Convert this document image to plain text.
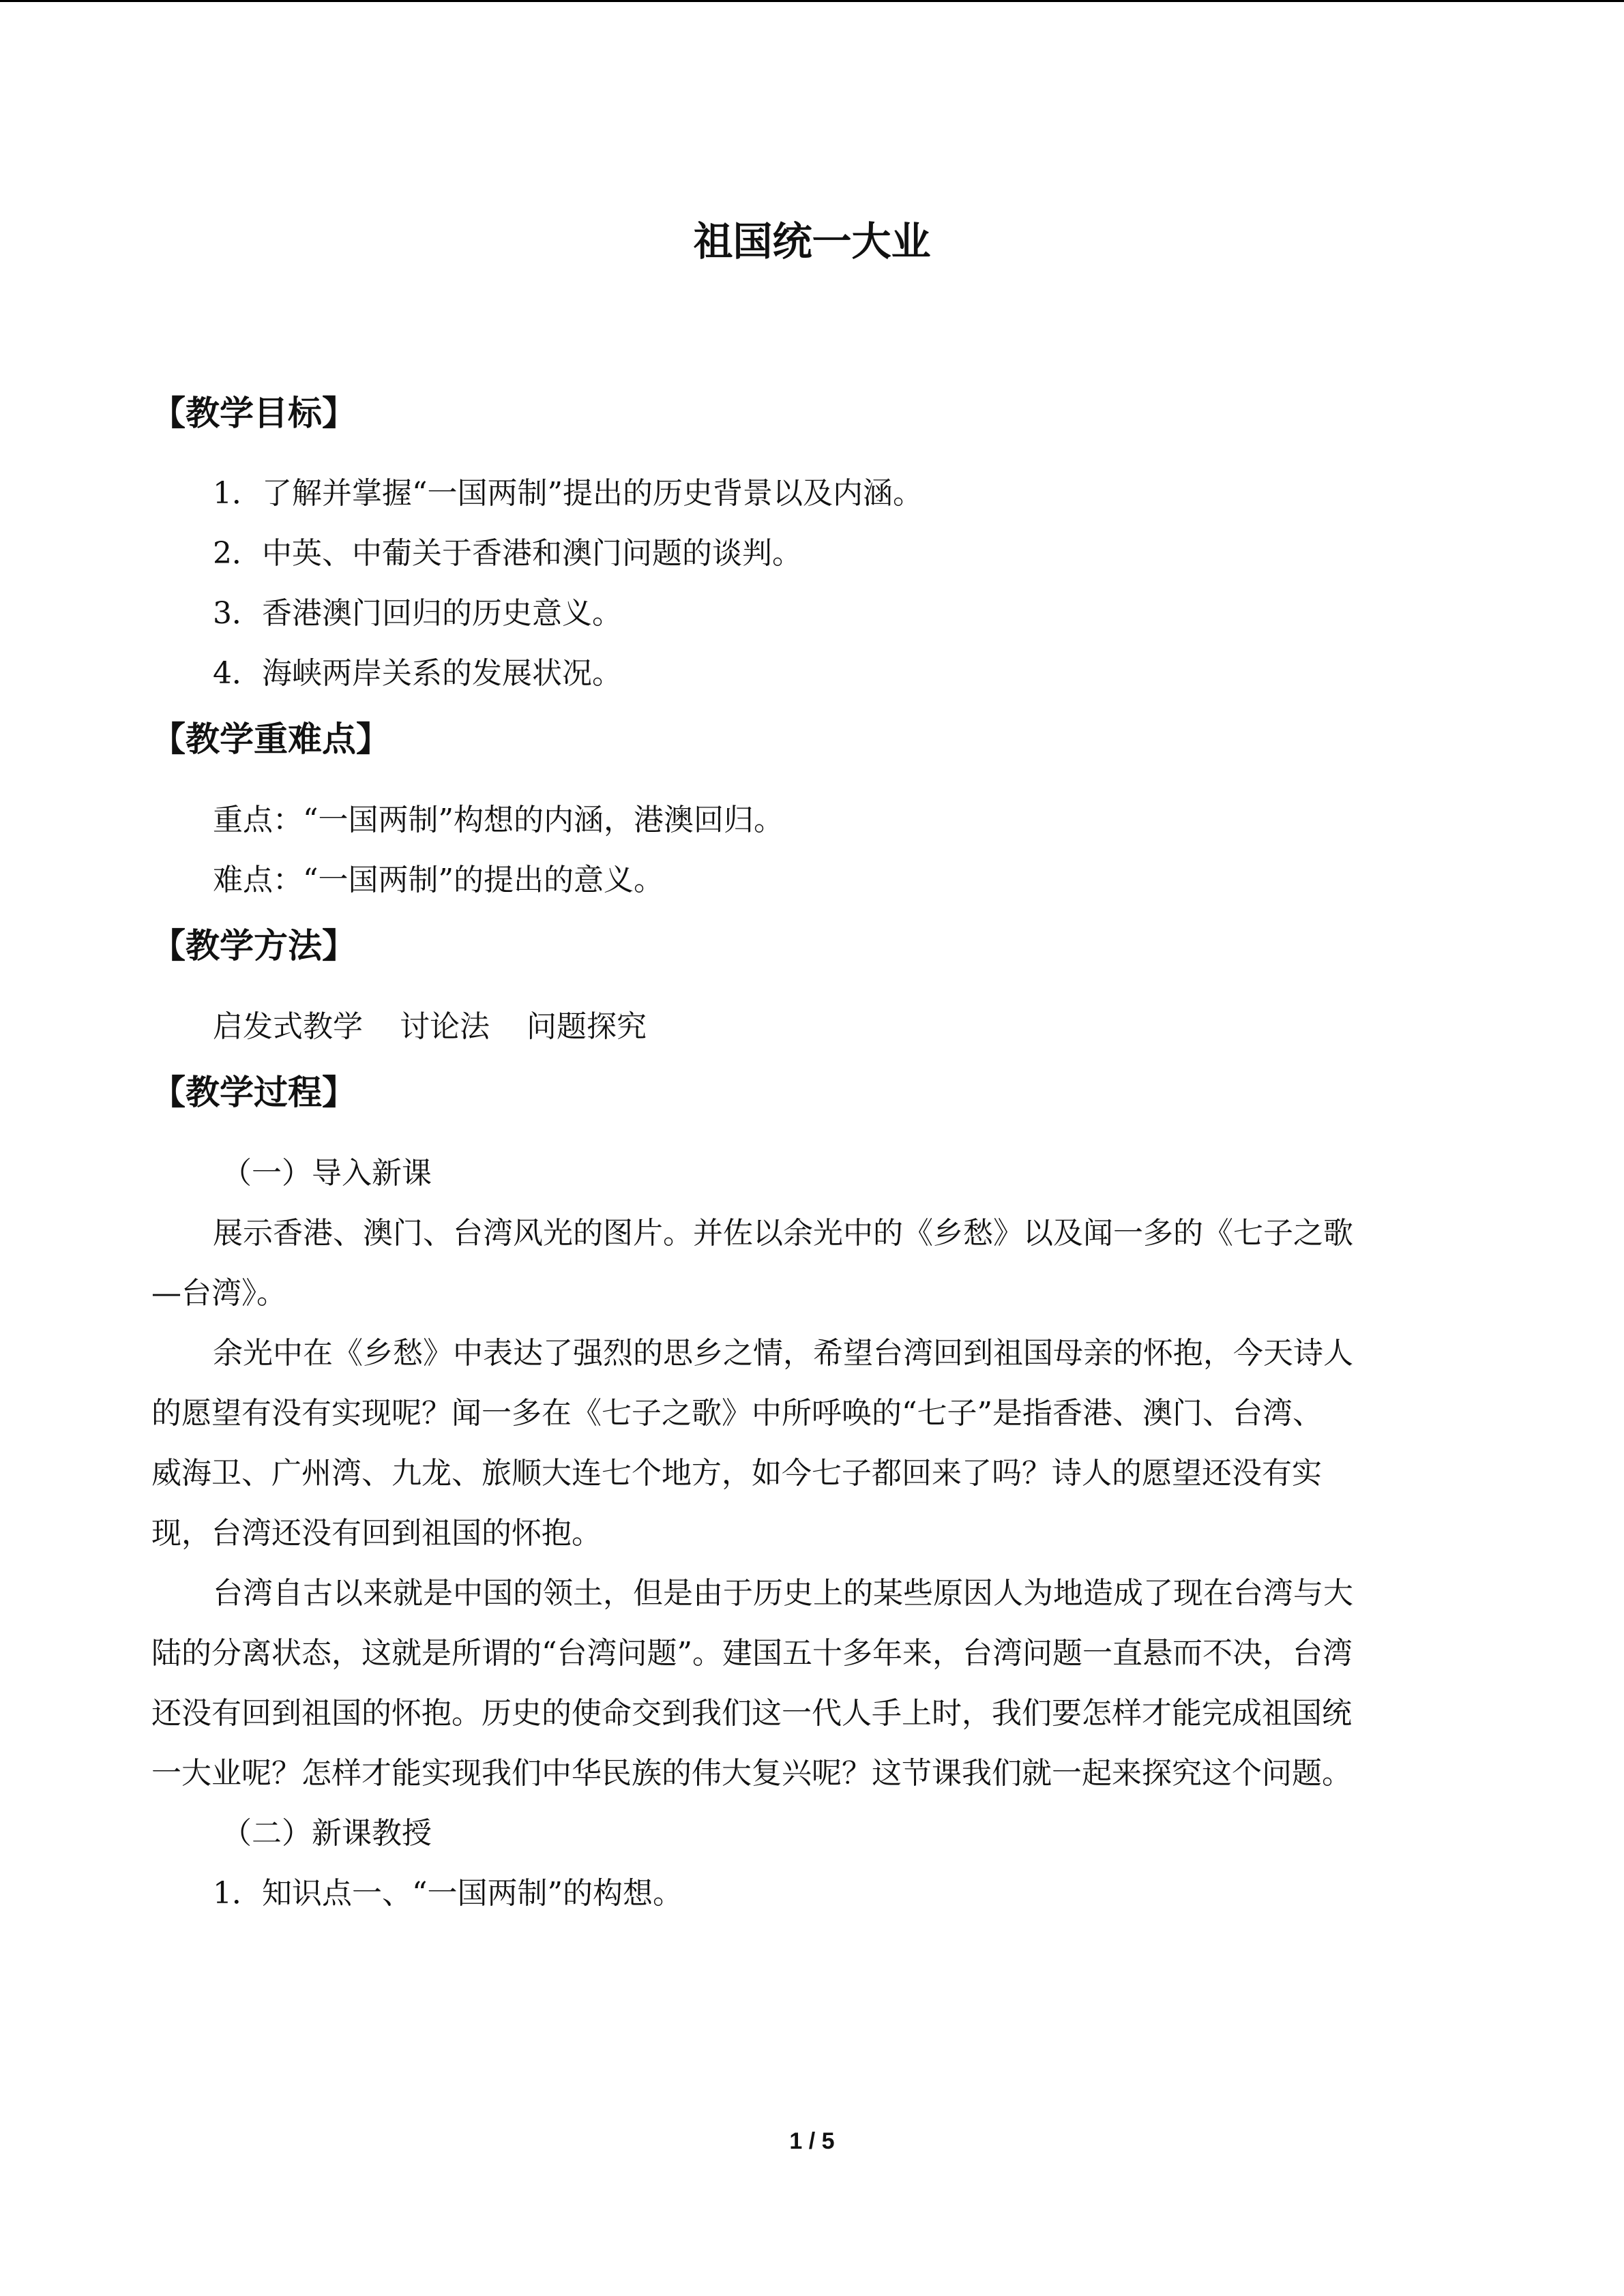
祖国统一大业
【教学目标】
1．了解并掌握“一国两制”提出的历史背景以及内涵。
2．中英、中葡关于香港和澳门问题的谈判。
3．香港澳门回归的历史意义。
4．海峡两岸关系的发展状况。
【教学重难点】
重点：“一国两制”构想的内涵，港澳回归。
难点：“一国两制”的提出的意义。
【教学方法】
启发式教学 讨论法 问题探究
【教学过程】
（一）导入新课
展示香港、澳门、台湾风光的图片。并佐以余光中的《乡愁》以及闻一多的《七子之歌
—台湾》。
余光中在《乡愁》中表达了强烈的思乡之情，希望台湾回到祖国母亲的怀抱，今天诗人
的愿望有没有实现呢？闻一多在《七子之歌》中所呼唤的“七子”是指香港、澳门、台湾、
威海卫、广州湾、九龙、旅顺大连七个地方，如今七子都回来了吗？诗人的愿望还没有实
现，台湾还没有回到祖国的怀抱。
台湾自古以来就是中国的领土，但是由于历史上的某些原因人为地造成了现在台湾与大
陆的分离状态，这就是所谓的“台湾问题”。建国五十多年来，台湾问题一直悬而不决，台湾
还没有回到祖国的怀抱。历史的使命交到我们这一代人手上时，我们要怎样才能完成祖国统
一大业呢？怎样才能实现我们中华民族的伟大复兴呢？这节课我们就一起来探究这个问题。
（二）新课教授
1．知识点一、“一国两制”的构想。
1 / 5
